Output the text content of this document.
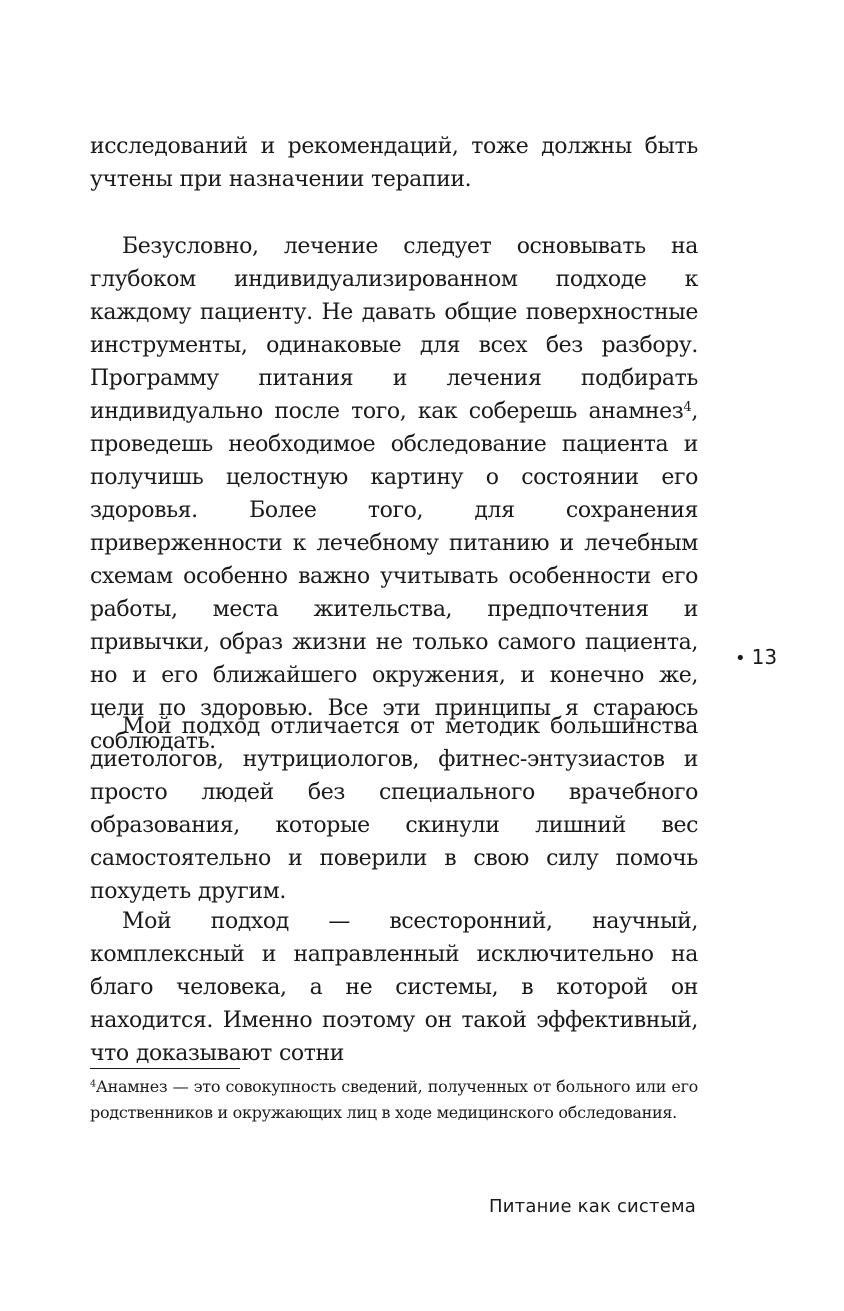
исследований и рекомендаций, тоже должны быть учтены при назначении терапии.

Безусловно, лечение следует основывать на глубоком индивидуализированном подходе к каждому пациенту. Не давать общие поверхностные инструменты, одинаковые для всех без разбору. Программу питания и лечения подбирать индивидуально после того, как соберешь анамнез$^4$, проведешь необходимое обследование пациента и получишь целостную картину о состоянии его здоровья. Более того, для сохранения приверженности к лечебному питанию и лечебным схемам особенно важно учитывать особенности его работы, места жительства, предпочтения и привычки, образ жизни не только самого пациента, но и его ближайшего окружения, и конечно же, цели по здоровью. Все эти принципы я стараюсь соблюдать.

Мой подход отличается от методик большинства диетологов, нутрициологов, фитнес-энтузиастов и просто людей без специального врачебного образования, которые скинули лишний вес самостоятельно и поверили в свою силу помочь похудеть другим.

Мой подход — всесторонний, научный, комплексный и направленный исключительно на благо человека, а не системы, в которой он находится. Именно поэтому он такой эффективный, что доказывают сотни

$^4$Анамнез — это совокупность сведений, полученных от больного или его родственников и окружающих лиц в ходе медицинского обследования.

• 13
Питание как система
